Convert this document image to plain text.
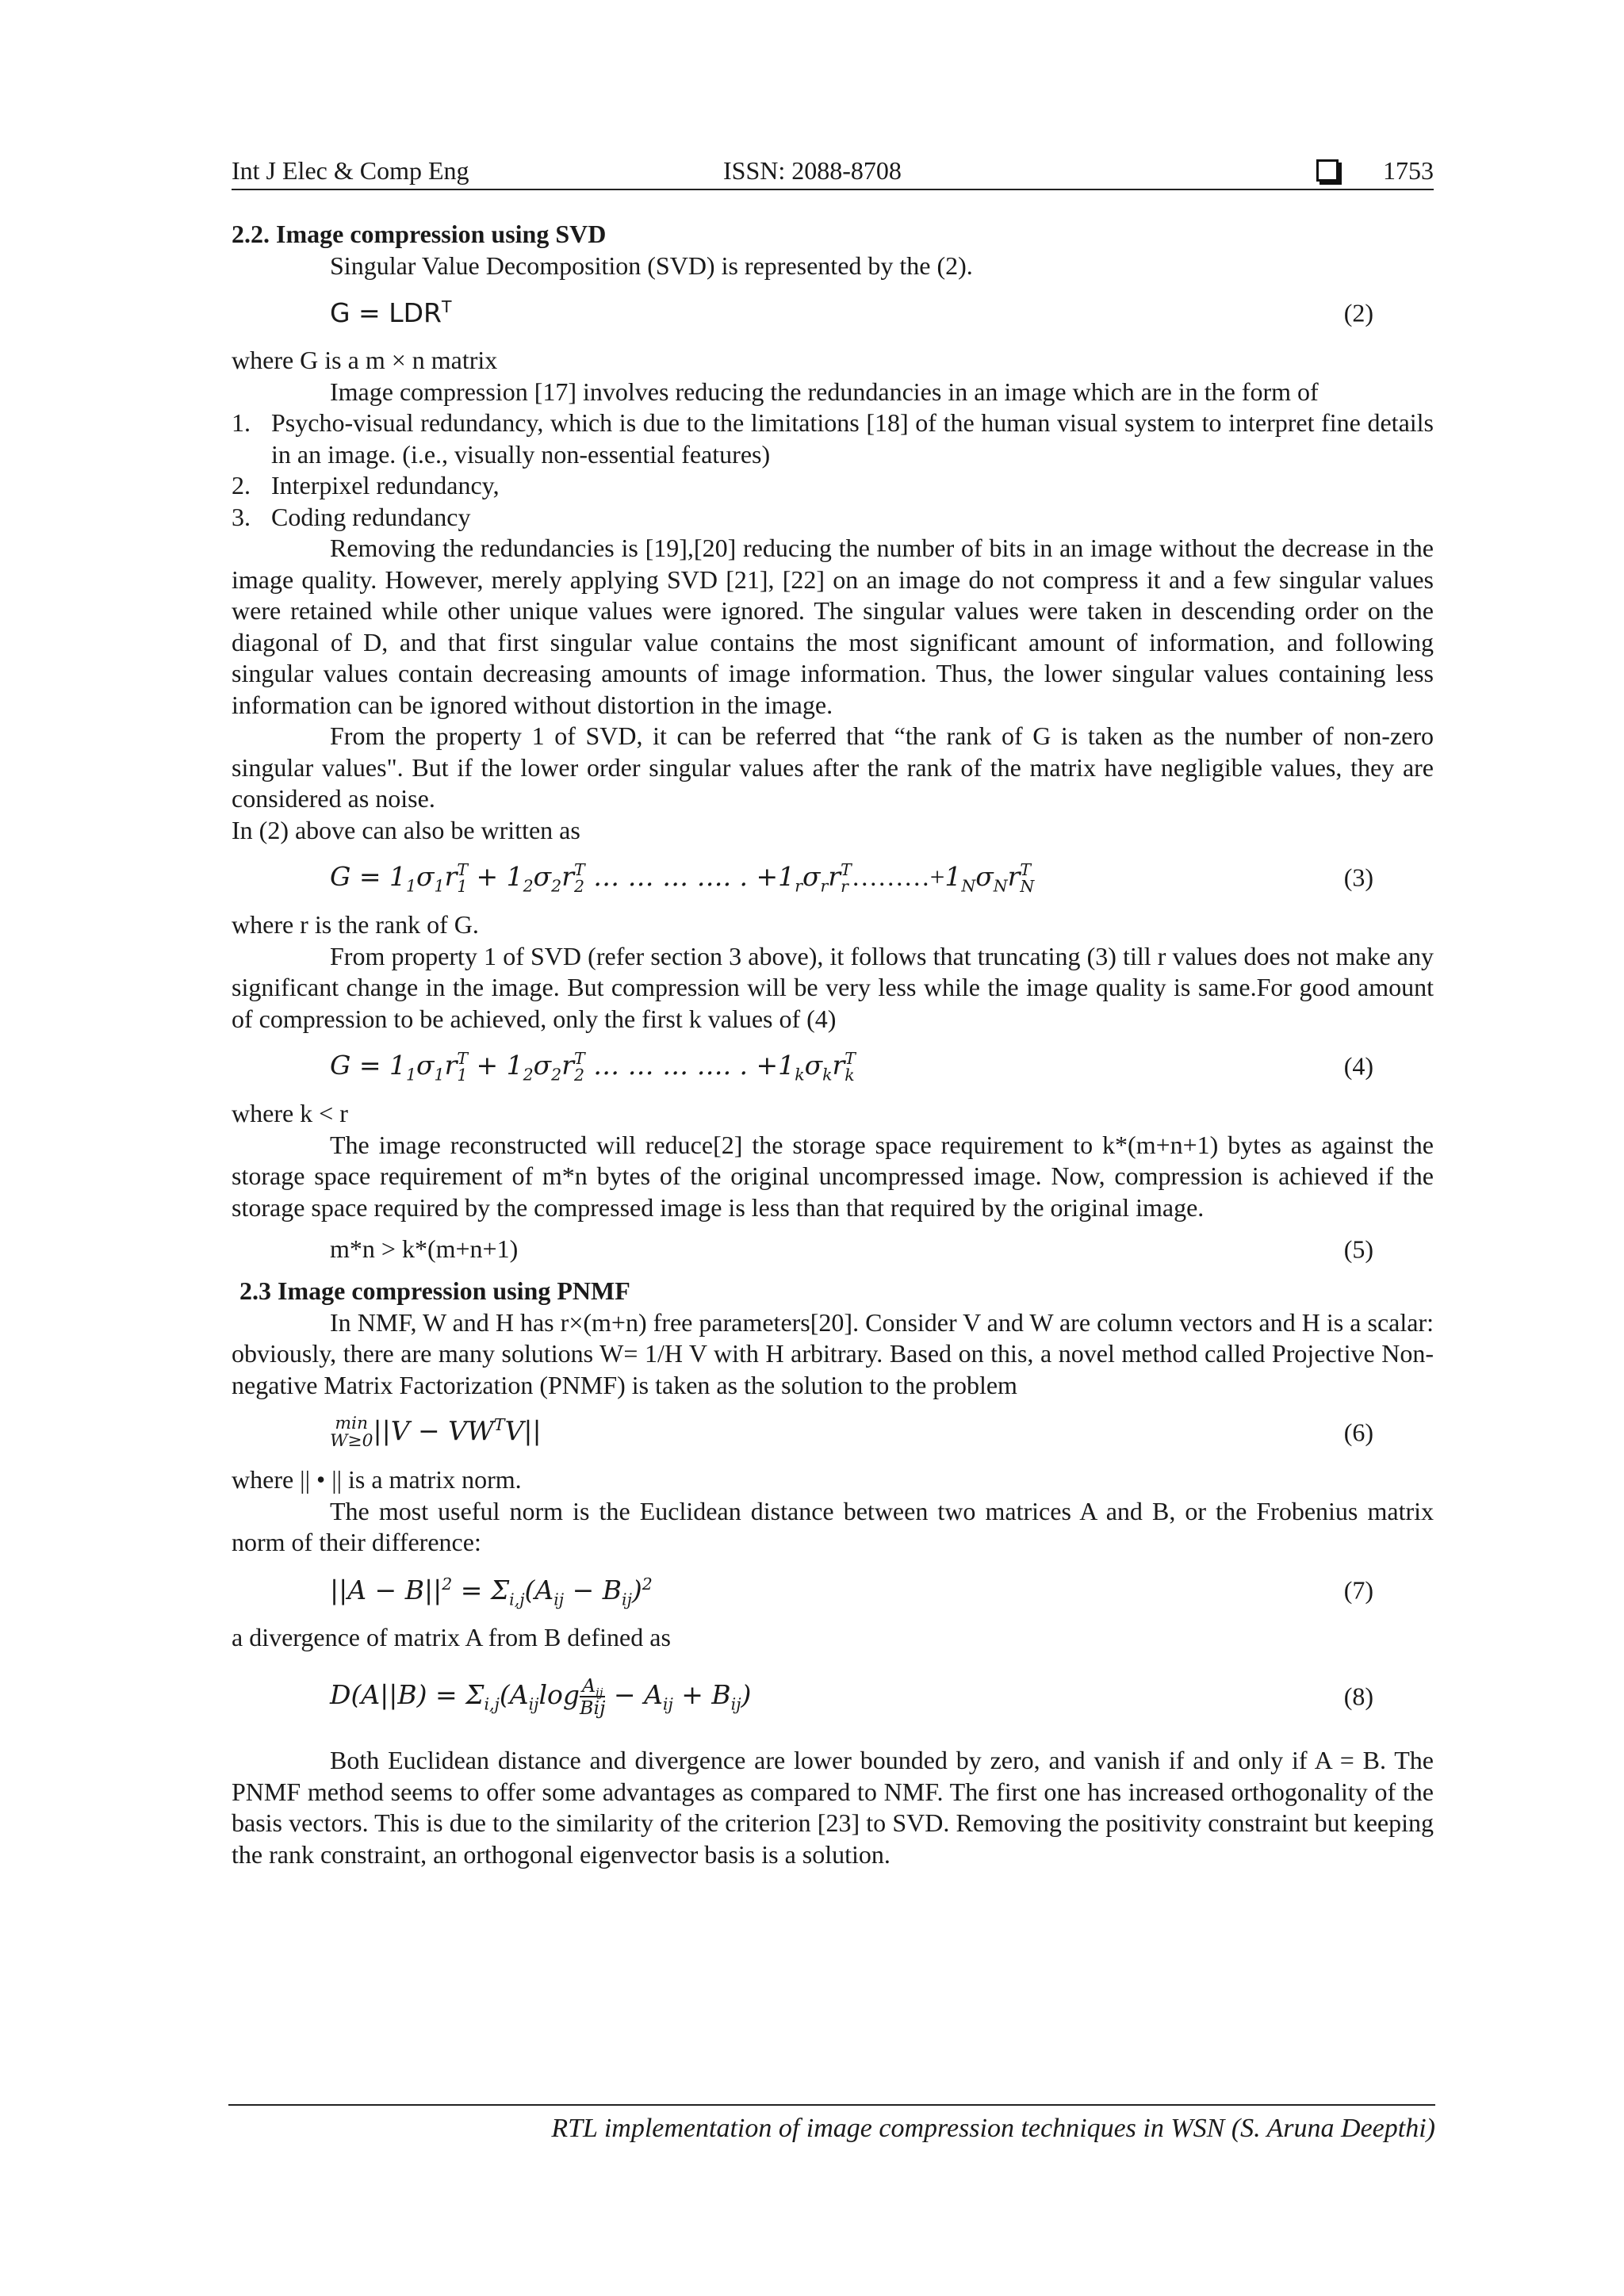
Int J Elec & Comp Eng	ISSN: 2088-8708	1753

2.2. Image compression using SVD

Singular Value Decomposition (SVD) is represented by the (2).

$G = LDR^T$	(2)

where G is a m × n matrix

Image compression [17] involves reducing the redundancies in an image which are in the form of

1. Psycho-visual redundancy, which is due to the limitations [18] of the human visual system to interpret fine details in an image. (i.e., visually non-essential features)
2. Interpixel redundancy,
3. Coding redundancy

Removing the redundancies is [19],[20] reducing the number of bits in an image without the decrease in the image quality. However, merely applying SVD [21], [22] on an image do not compress it and a few singular values were retained while other unique values were ignored. The singular values were taken in descending order on the diagonal of D, and that first singular value contains the most significant amount of information, and following singular values contain decreasing amounts of image information. Thus, the lower singular values containing less information can be ignored without distortion in the image.

From the property 1 of SVD, it can be referred that “the rank of G is taken as the number of non-zero singular values". But if the lower order singular values after the rank of the matrix have negligible values, they are considered as noise.

In (2) above can also be written as

$G = 1_1\sigma_1r$ T
$1 + 1_2\sigma_2r$ T
2 … … … …. . $+1_r\sigma_rr$ T
r $\dots\dots\dots+1_N\sigma_Nr$ T
N	(3)

where r is the rank of G.

From property 1 of SVD (refer section 3 above), it follows that truncating (3) till r values does not make any significant change in the image. But compression will be very less while the image quality is same.For good amount of compression to be achieved, only the first k values of (4)

$G = 1_1\sigma_1r$ T
$1 + 1_2\sigma_2r$ T
2 … … … …. . $+1_k\sigma_kr$ T
k	(4)

where k < r

The image reconstructed will reduce[2] the storage space requirement to k*(m+n+1) bytes as against the storage space requirement of m*n bytes of the original uncompressed image. Now, compression is achieved if the storage space required by the compressed image is less than that required by the original image.

m*n > k*(m+n+1)	(5)

2.3 Image compression using PNMF

In NMF, W and H has r×(m+n) free parameters[20]. Consider V and W are column vectors and H is a scalar: obviously, there are many solutions W= 1/H V with H arbitrary. Based on this, a novel method called Projective Non-negative Matrix Factorization (PNMF) is taken as the solution to the problem

min
W≥0 $||V - VW^TV||$	(6)

where || • || is a matrix norm.

The most useful norm is the Euclidean distance between two matrices A and B, or the Frobenius matrix norm of their difference:

$||A - B||^2 = \Sigma_{i,j}(A_{ij} - B_{ij})^2$	(7)

a divergence of matrix A from B defined as

$D(A||B) = \Sigma_{i,j}(A_{ij}\log \frac{A_{ij}}{\text{Bij}} - A_{ij} + B_{ij})$	(8)

Both Euclidean distance and divergence are lower bounded by zero, and vanish if and only if A = B. The PNMF method seems to offer some advantages as compared to NMF. The first one has increased orthogonality of the basis vectors. This is due to the similarity of the criterion [23] to SVD. Removing the positivity constraint but keeping the rank constraint, an orthogonal eigenvector basis is a solution.

RTL implementation of image compression techniques in WSN (S. Aruna Deepthi)
